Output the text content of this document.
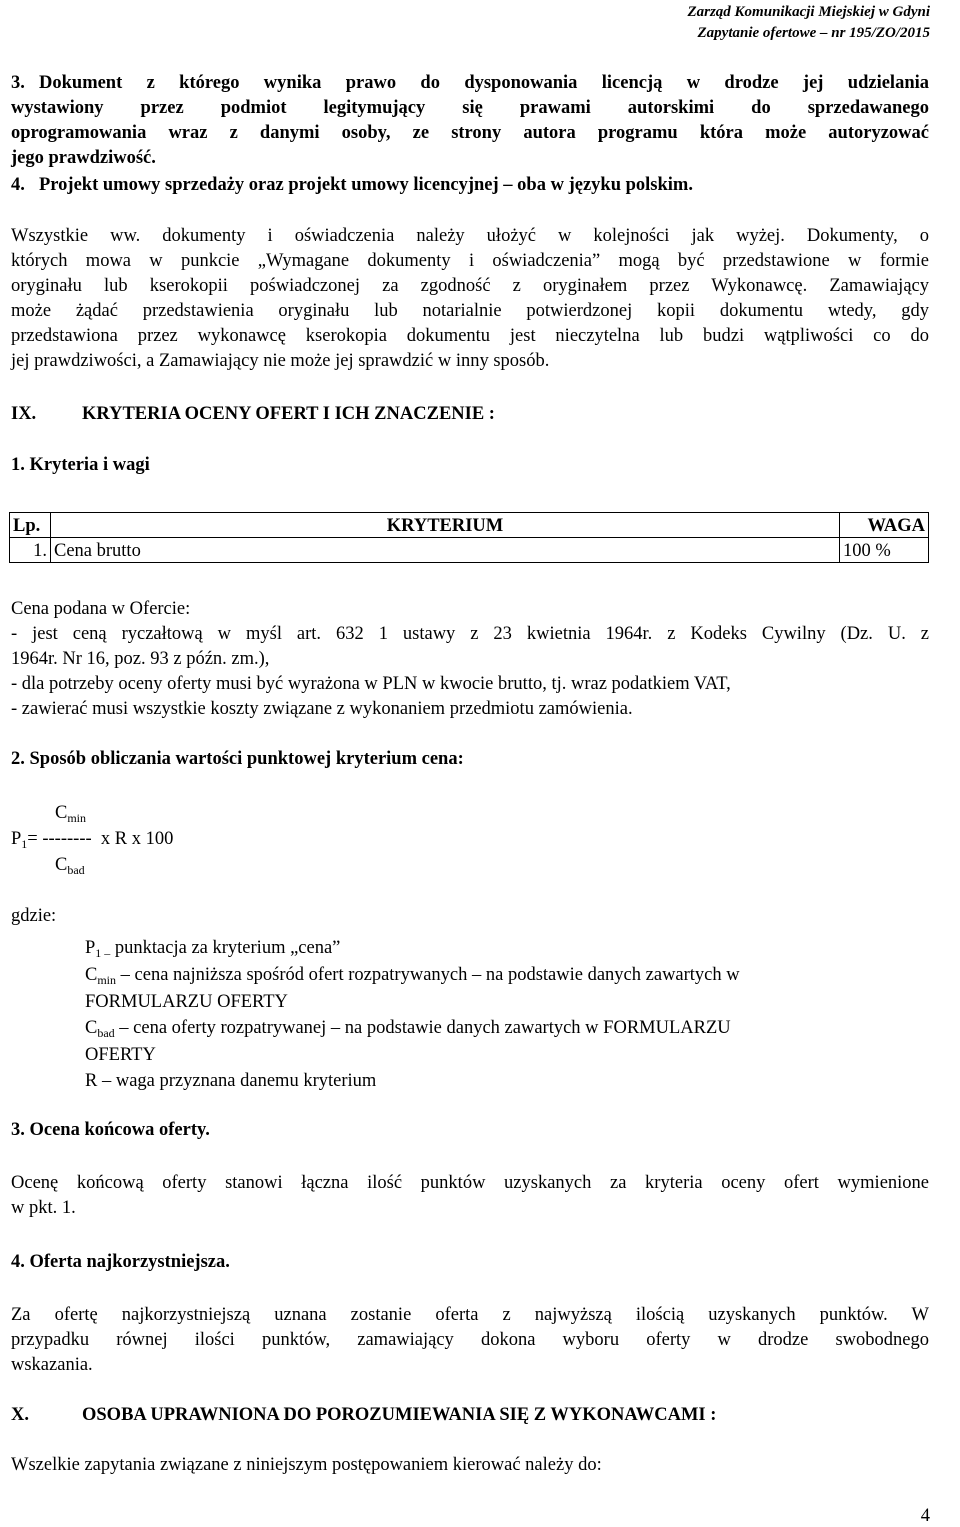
Zarząd Komunikacji Miejskiej w Gdyni
Zapytanie ofertowe – nr 195/ZO/2015
3. Dokument z którego wynika prawo do dysponowania licencją w drodze jej udzielania
wystawiony przez podmiot legitymujący się prawami autorskimi do sprzedawanego
oprogramowania wraz z danymi osoby, ze strony autora programu która może autoryzować
jego prawdziwość.
4. Projekt umowy sprzedaży oraz projekt umowy licencyjnej – oba w języku polskim.
Wszystkie ww. dokumenty i oświadczenia należy ułożyć w kolejności jak wyżej. Dokumenty, o
których mowa w punkcie „Wymagane dokumenty i oświadczenia” mogą być przedstawione w formie
oryginału lub kserokopii poświadczonej za zgodność z oryginałem przez Wykonawcę. Zamawiający
może żądać przedstawienia oryginału lub notarialnie potwierdzonej kopii dokumentu wtedy, gdy
przedstawiona przez wykonawcę kserokopia dokumentu jest nieczytelna lub budzi wątpliwości co do
jej prawdziwości, a Zamawiający nie może jej sprawdzić w inny sposób.
IX. KRYTERIA OCENY OFERT I ICH ZNACZENIE :
1. Kryteria i wagi
Lp.	KRYTERIUM	WAGA
1.	Cena brutto	100 %
Cena podana w Ofercie:
- jest ceną ryczałtową w myśl art. 632 1 ustawy z 23 kwietnia 1964r. z Kodeks Cywilny (Dz. U. z
1964r. Nr 16, poz. 93 z późn. zm.),
- dla potrzeby oceny oferty musi być wyrażona w PLN w kwocie brutto, tj. wraz podatkiem VAT,
- zawierać musi wszystkie koszty związane z wykonaniem przedmiotu zamówienia.
2. Sposób obliczania wartości punktowej kryterium cena:
$C_{min}$
$P_1=$ --------  x R x 100
$C_{bad}$
gdzie:
$P_{1 -}$ punktacja za kryterium „cena”
$C_{min}$ – cena najniższa spośród ofert rozpatrywanych – na podstawie danych zawartych w
FORMULARZU OFERTY
$C_{bad}$ – cena oferty rozpatrywanej – na podstawie danych zawartych w FORMULARZU
OFERTY
R – waga przyznana danemu kryterium
3. Ocena końcowa oferty.
Ocenę końcową oferty stanowi łączna ilość punktów uzyskanych za kryteria oceny ofert wymienione
w pkt. 1.
4. Oferta najkorzystniejsza.
Za ofertę najkorzystniejszą uznana zostanie oferta z najwyższą ilością uzyskanych punktów. W
przypadku równej ilości punktów, zamawiający dokona wyboru oferty w drodze swobodnego
wskazania.
X.	OSOBA UPRAWNIONA DO POROZUMIEWANIA SIĘ Z WYKONAWCAMI :
Wszelkie zapytania związane z niniejszym postępowaniem kierować należy do:
4
